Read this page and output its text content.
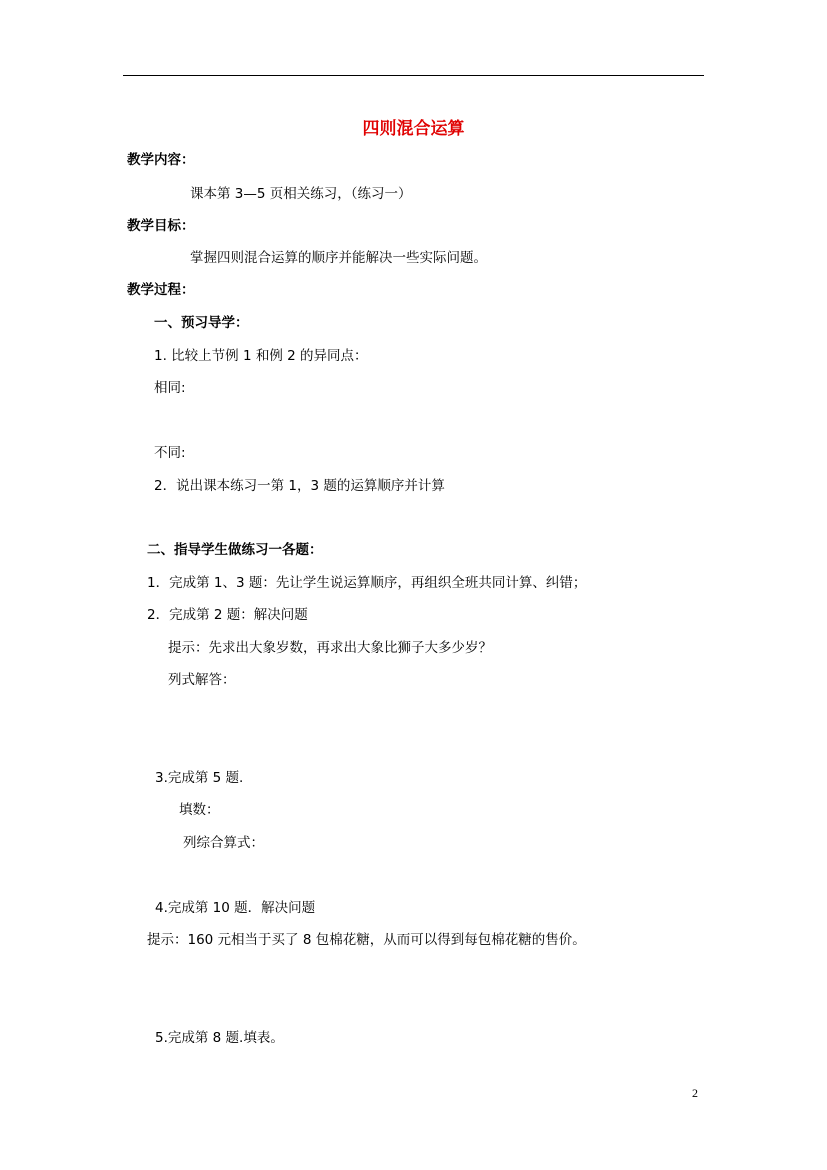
四则混合运算
教学内容：
课本第 3—5 页相关练习，（练习一）
教学目标：
掌握四则混合运算的顺序并能解决一些实际问题。
教学过程：
一、预习导学：
1. 比较上节例 1 和例 2 的异同点：
相同:
不同:
2．说出课本练习一第 1，3 题的运算顺序并计算
二、指导学生做练习一各题：
1．完成第 1、3 题：先让学生说运算顺序，再组织全班共同计算、纠错；
2．完成第 2 题：解决问题
提示：先求出大象岁数，再求出大象比狮子大多少岁？
列式解答：
3.完成第 5 题.
填数：
列综合算式：
4.完成第 10 题．解决问题
提示：160 元相当于买了 8 包棉花糖，从而可以得到每包棉花糖的售价。
5.完成第 8 题.填表。
2
